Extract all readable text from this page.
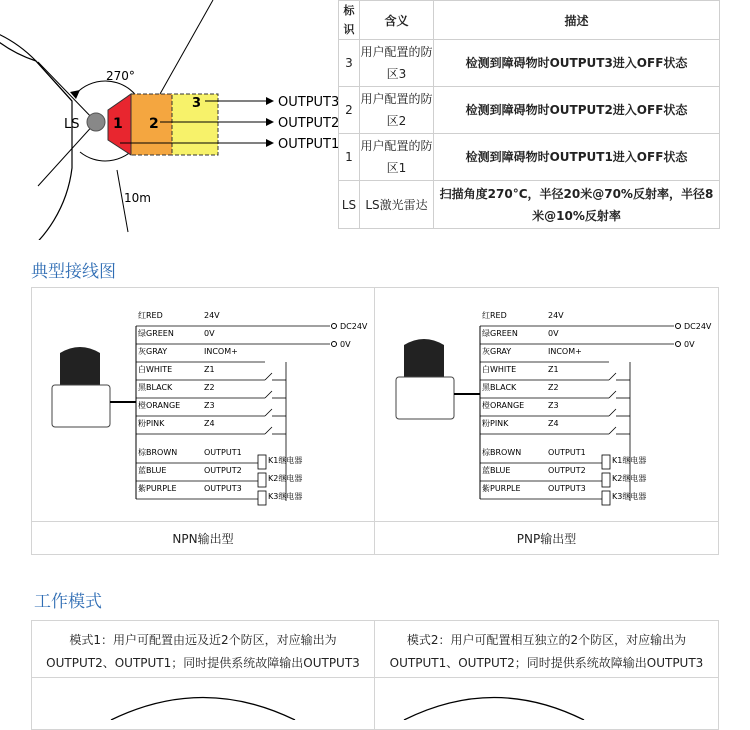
270°
LS 1 2
3
10m
OUTPUT3
OUTPUT2
OUTPUT1
标识	含义	描述
3	用户配置的防区3	检测到障碍物时OUTPUT3进入OFF状态
2	用户配置的防区2	检测到障碍物时OUTPUT2进入OFF状态
1	用户配置的防区1	检测到障碍物时OUTPUT1进入OFF状态
LS	LS激光雷达	扫描角度270°C，半径20米@70%反射率，半径8米@10%反射率
典型接线图
NPN输出型	PNP输出型
红RED	24V
绿GREEN	0V
灰GRAY	INCOM+
白WHITE	Z1
黑BLACK	Z2
橙ORANGE	Z3
粉PINK	Z4
棕BROWN	OUTPUT1
K1继电器
蓝BLUE	OUTPUT2
K2继电器
紫PURPLE	OUTPUT3
K3继电器
DC24V
0V
红RED	24V
绿GREEN	0V
灰GRAY	INCOM+
白WHITE	Z1
黑BLACK	Z2
橙ORANGE	Z3
粉PINK	Z4
棕BROWN	OUTPUT1
K1继电器
蓝BLUE	OUTPUT2
K2继电器
紫PURPLE	OUTPUT3
K3继电器
DC24V
0V
工作模式
模式1：用户可配置由远及近2个防区，对应输出为OUTPUT2、OUTPUT1；同时提供系统故障输出OUTPUT3
模式2：用户可配置相互独立的2个防区，对应输出为OUTPUT1、OUTPUT2；同时提供系统故障输出OUTPUT3
